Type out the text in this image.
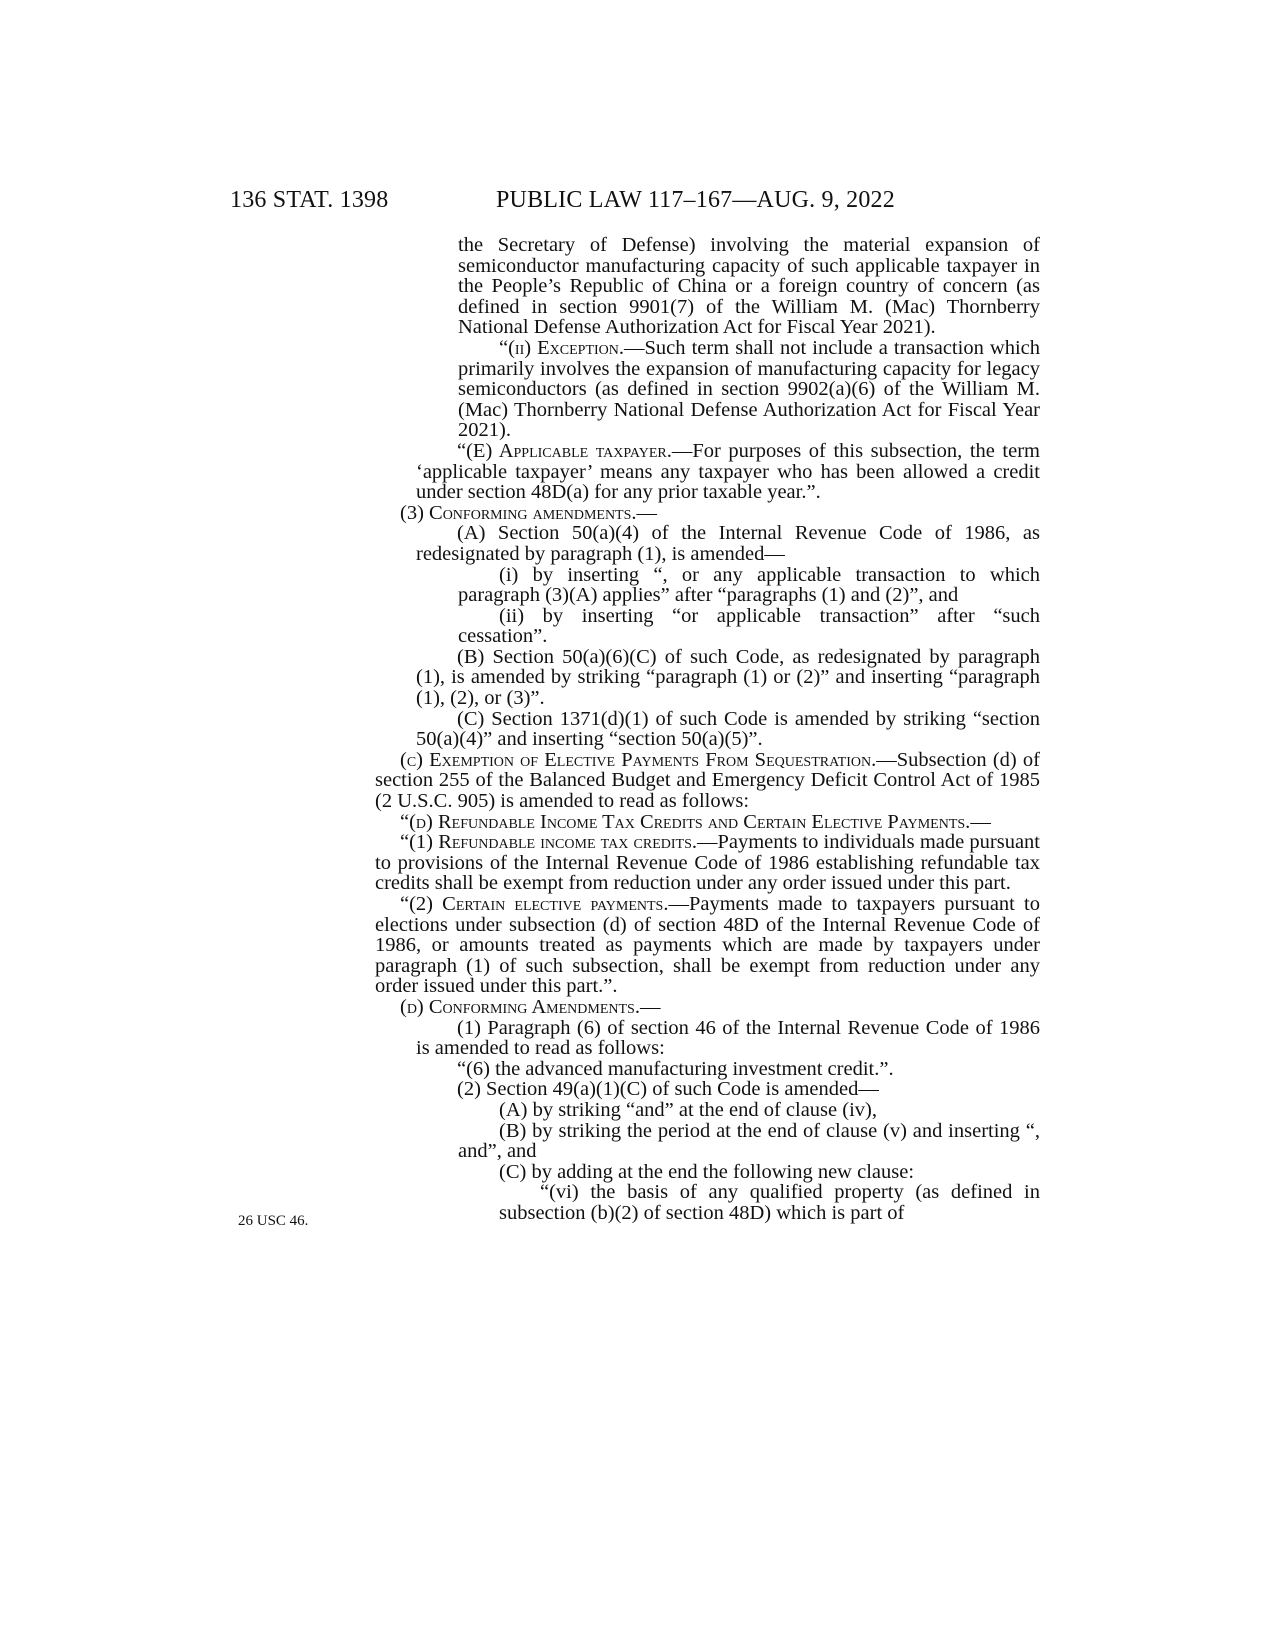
136 STAT. 1398	PUBLIC LAW 117–167—AUG. 9, 2022
26 USC 46.

the Secretary of Defense) involving the material expansion of semiconductor manufacturing capacity of such applicable taxpayer in the People’s Republic of China or a foreign country of concern (as defined in section 9901(7) of the William M. (Mac) Thornberry National Defense Authorization Act for Fiscal Year 2021).

“(ii) Exception.—Such term shall not include a transaction which primarily involves the expansion of manufacturing capacity for legacy semiconductors (as defined in section 9902(a)(6) of the William M. (Mac) Thornberry National Defense Authorization Act for Fiscal Year 2021).

“(E) Applicable taxpayer.—For purposes of this subsection, the term ‘applicable taxpayer’ means any taxpayer who has been allowed a credit under section 48D(a) for any prior taxable year.”.

(3) Conforming amendments.—

(A) Section 50(a)(4) of the Internal Revenue Code of 1986, as redesignated by paragraph (1), is amended—

(i) by inserting “, or any applicable transaction to which paragraph (3)(A) applies” after “paragraphs (1) and (2)”, and

(ii) by inserting “or applicable transaction” after “such cessation”.

(B) Section 50(a)(6)(C) of such Code, as redesignated by paragraph (1), is amended by striking “paragraph (1) or (2)” and inserting “paragraph (1), (2), or (3)”.

(C) Section 1371(d)(1) of such Code is amended by striking “section 50(a)(4)” and inserting “section 50(a)(5)”.

(c) Exemption of Elective Payments From Sequestration.—Subsection (d) of section 255 of the Balanced Budget and Emergency Deficit Control Act of 1985 (2 U.S.C. 905) is amended to read as follows:

“(d) Refundable Income Tax Credits and Certain Elective Payments.—

“(1) Refundable income tax credits.—Payments to individuals made pursuant to provisions of the Internal Revenue Code of 1986 establishing refundable tax credits shall be exempt from reduction under any order issued under this part.

“(2) Certain elective payments.—Payments made to taxpayers pursuant to elections under subsection (d) of section 48D of the Internal Revenue Code of 1986, or amounts treated as payments which are made by taxpayers under paragraph (1) of such subsection, shall be exempt from reduction under any order issued under this part.”.

(d) Conforming Amendments.—

(1) Paragraph (6) of section 46 of the Internal Revenue Code of 1986 is amended to read as follows:

“(6) the advanced manufacturing investment credit.”.

(2) Section 49(a)(1)(C) of such Code is amended—

(A) by striking “and” at the end of clause (iv),

(B) by striking the period at the end of clause (v) and inserting “, and”, and

(C) by adding at the end the following new clause:

“(vi) the basis of any qualified property (as defined in subsection (b)(2) of section 48D) which is part of
